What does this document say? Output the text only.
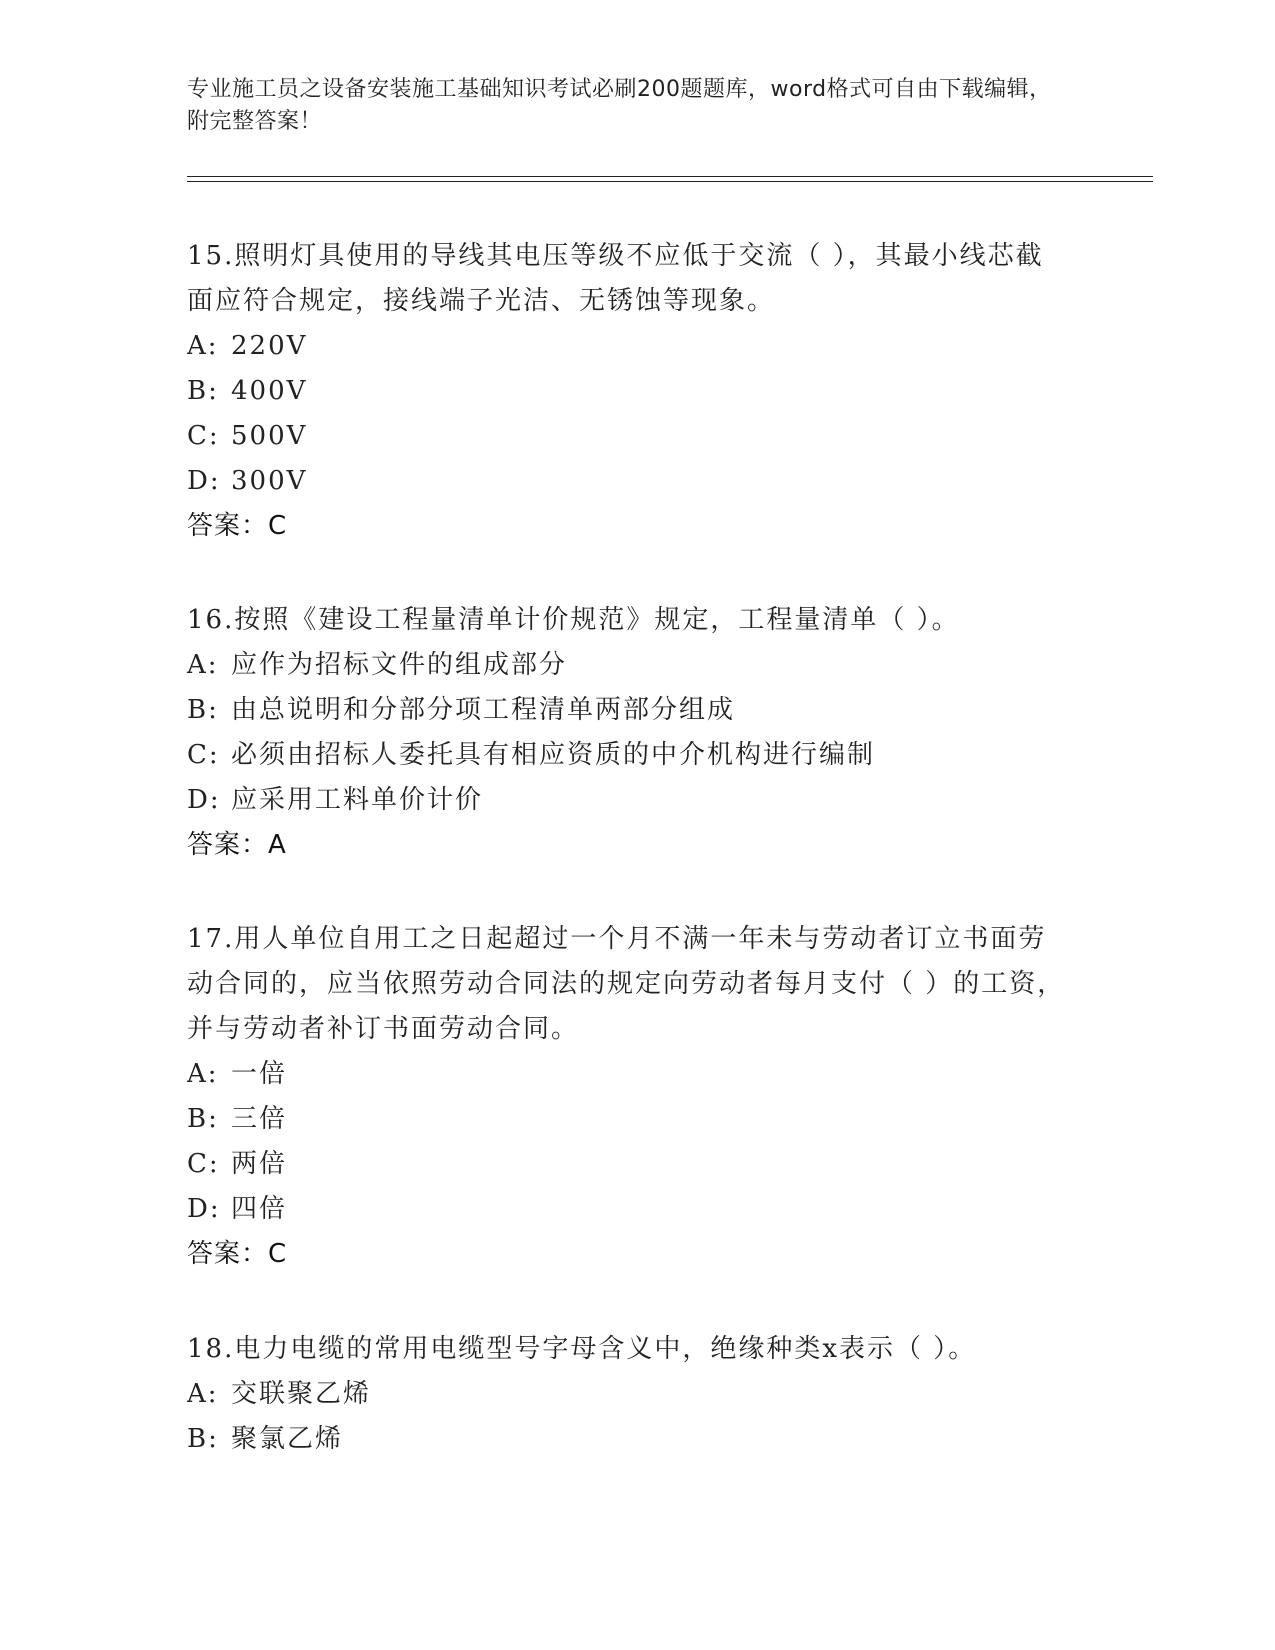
专业施工员之设备安装施工基础知识考试必刷200题题库，word格式可自由下载编辑，附完整答案！

15.照明灯具使用的导线其电压等级不应低于交流（ ），其最小线芯截面应符合规定，接线端子光洁、无锈蚀等现象。

A: 220V

B: 400V

C: 500V

D: 300V

答案：C

16.按照《建设工程量清单计价规范》规定，工程量清单（ ）。

A: 应作为招标文件的组成部分

B: 由总说明和分部分项工程清单两部分组成

C: 必须由招标人委托具有相应资质的中介机构进行编制

D: 应采用工料单价计价

答案：A

17.用人单位自用工之日起超过一个月不满一年未与劳动者订立书面劳动合同的，应当依照劳动合同法的规定向劳动者每月支付（ ）的工资，并与劳动者补订书面劳动合同。

A: 一倍

B: 三倍

C: 两倍

D: 四倍

答案：C

18.电力电缆的常用电缆型号字母含义中，绝缘种类x表示（ ）。

A: 交联聚乙烯

B: 聚氯乙烯
